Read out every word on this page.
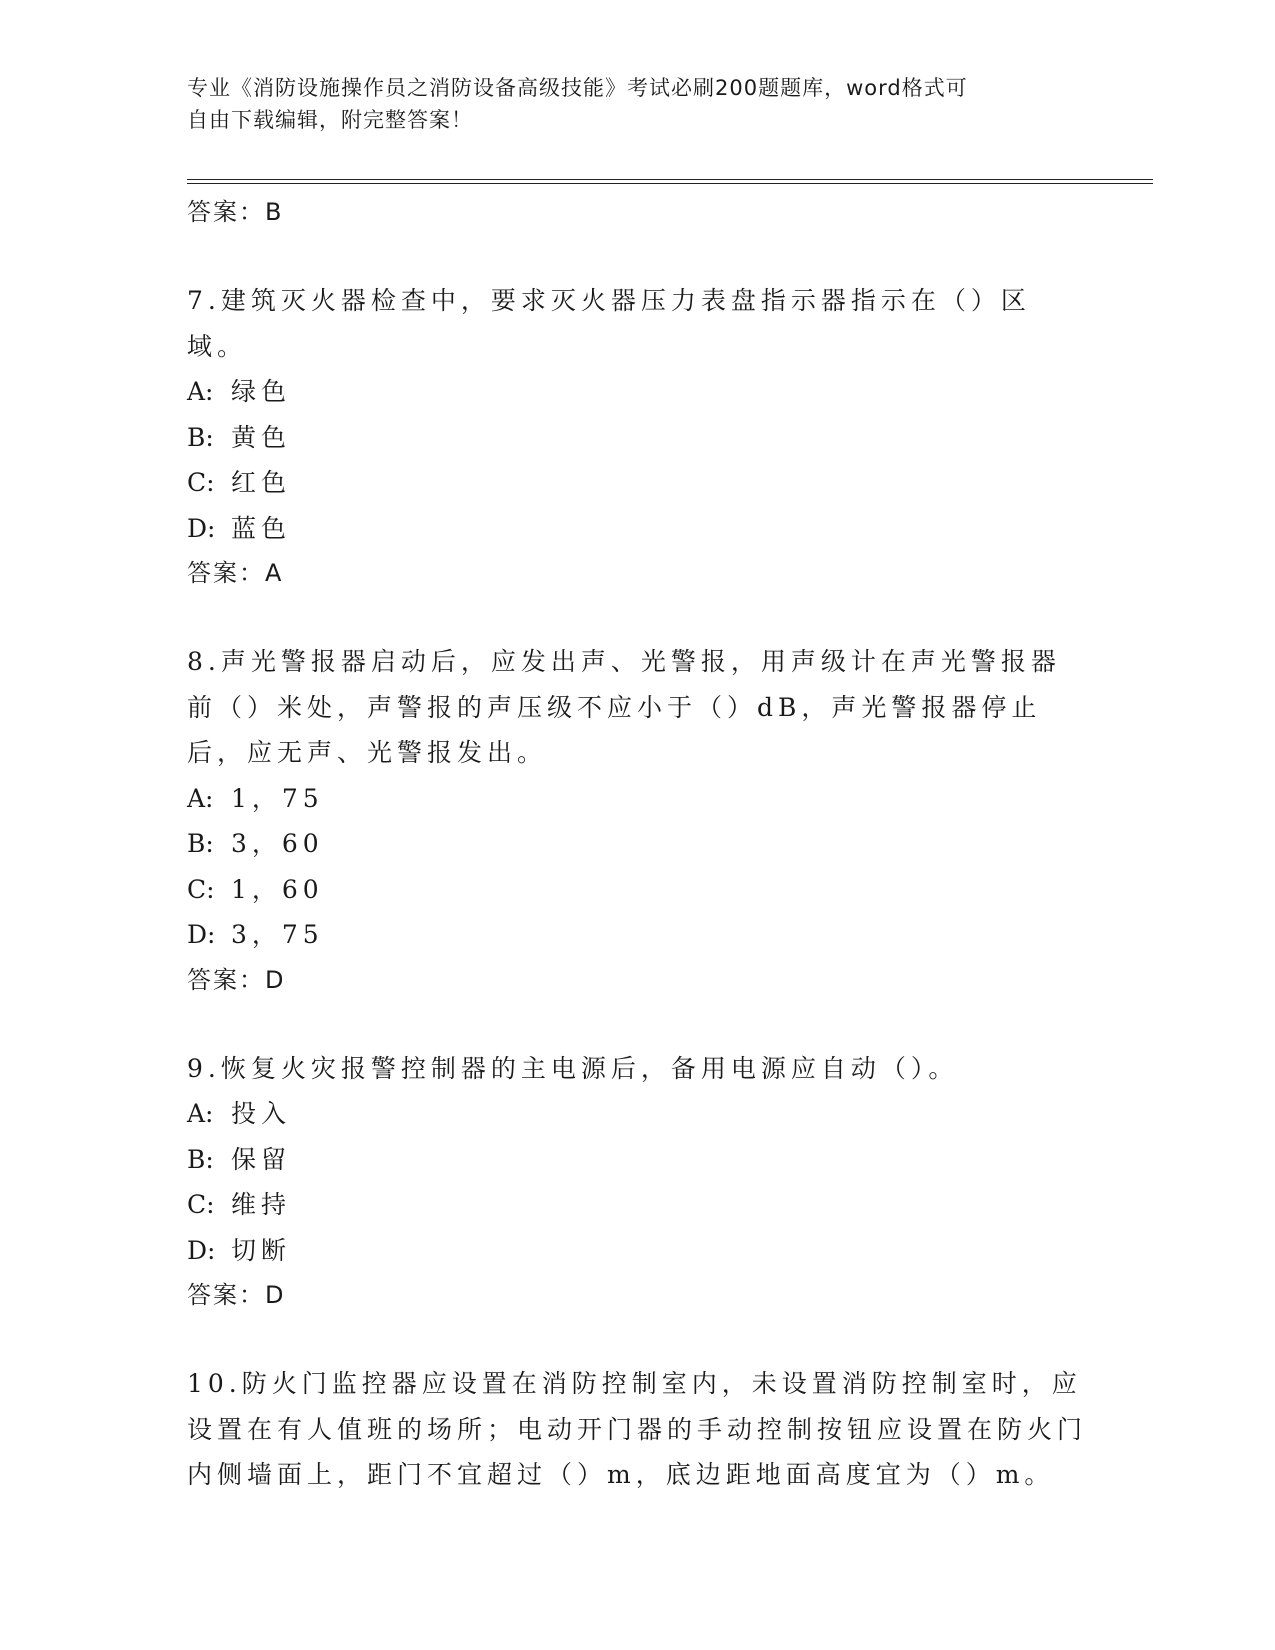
专业《消防设施操作员之消防设备高级技能》考试必刷200题题库，word格式可
自由下载编辑，附完整答案！
答案：B
7.建筑灭火器检查中，要求灭火器压力表盘指示器指示在（）区域。
A: 绿色
B: 黄色
C: 红色
D: 蓝色
答案：A
8.声光警报器启动后，应发出声、光警报，用声级计在声光警报器前（）米处，声警报的声压级不应小于（）dB，声光警报器停止后，应无声、光警报发出。
A: 1，75
B: 3，60
C: 1，60
D: 3，75
答案：D
9.恢复火灾报警控制器的主电源后，备用电源应自动（）。
A: 投入
B: 保留
C: 维持
D: 切断
答案：D
10.防火门监控器应设置在消防控制室内，未设置消防控制室时，应设置在有人值班的场所；电动开门器的手动控制按钮应设置在防火门内侧墙面上，距门不宜超过（）m，底边距地面高度宜为（）m。
